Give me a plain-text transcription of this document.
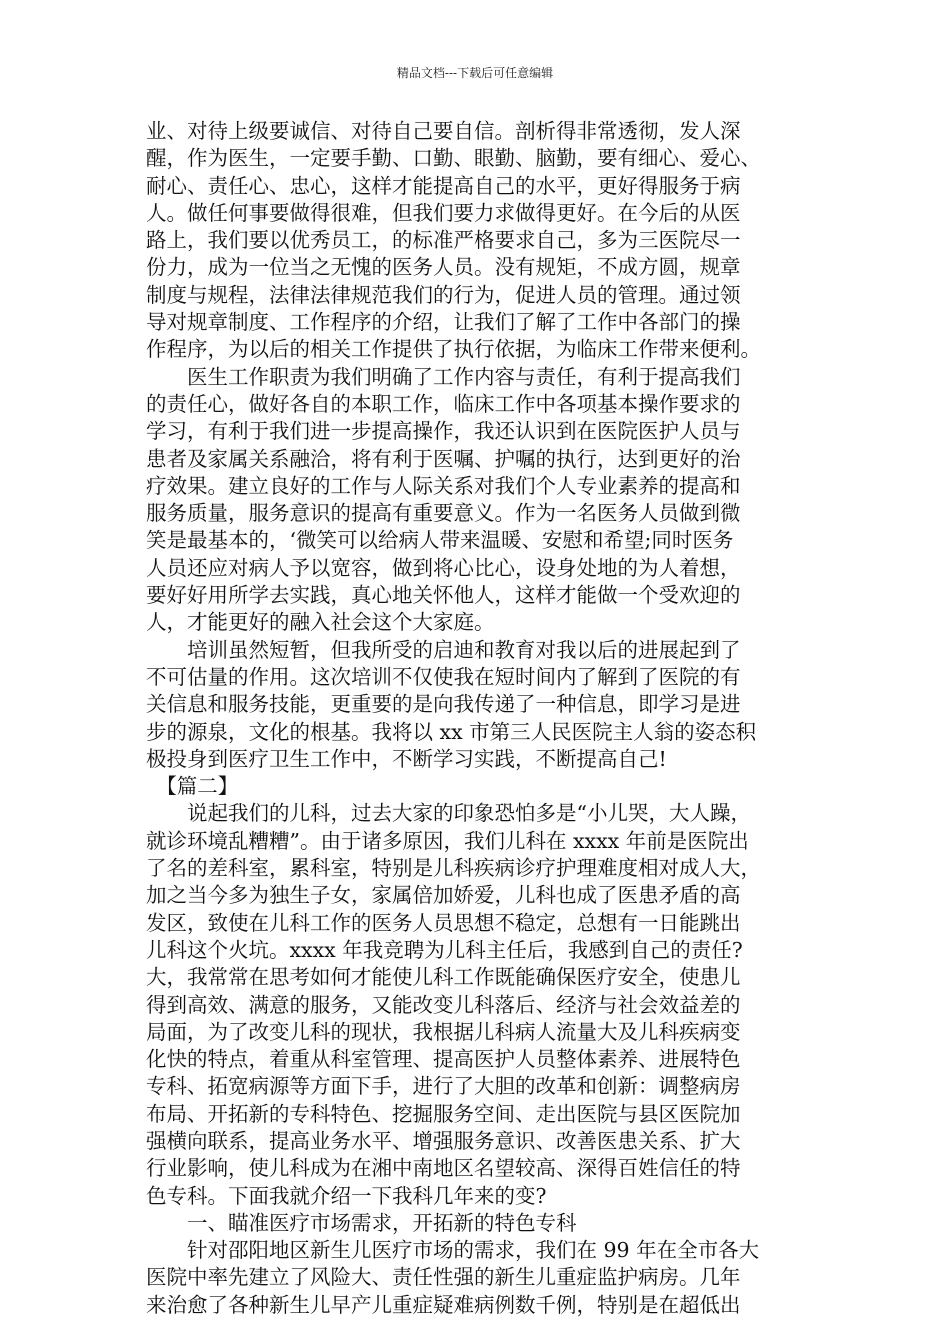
精品文档---下载后可任意编辑
业、对待上级要诚信、对待自己要自信。剖析得非常透彻，发人深
醒，作为医生，一定要手勤、口勤、眼勤、脑勤，要有细心、爱心、
耐心、责任心、忠心，这样才能提高自己的水平，更好得服务于病
人。做任何事要做得很难，但我们要力求做得更好。在今后的从医
路上，我们要以优秀员工，的标准严格要求自己，多为三医院尽一
份力，成为一位当之无愧的医务人员。没有规矩，不成方圆，规章
制度与规程，法律法律规范我们的行为，促进人员的管理。通过领
导对规章制度、工作程序的介绍，让我们了解了工作中各部门的操
作程序，为以后的相关工作提供了执行依据，为临床工作带来便利。
　　医生工作职责为我们明确了工作内容与责任，有利于提高我们
的责任心，做好各自的本职工作，临床工作中各项基本操作要求的
学习，有利于我们进一步提高操作，我还认识到在医院医护人员与
患者及家属关系融洽，将有利于医嘱、护嘱的执行，达到更好的治
疗效果。建立良好的工作与人际关系对我们个人专业素养的提高和
服务质量，服务意识的提高有重要意义。作为一名医务人员做到微
笑是最基本的，‘微笑可以给病人带来温暖、安慰和希望;同时医务
人员还应对病人予以宽容，做到将心比心，设身处地的为人着想，
要好好用所学去实践，真心地关怀他人，这样才能做一个受欢迎的
人，才能更好的融入社会这个大家庭。
　　培训虽然短暂，但我所受的启迪和教育对我以后的进展起到了
不可估量的作用。这次培训不仅使我在短时间内了解到了医院的有
关信息和服务技能，更重要的是向我传递了一种信息，即学习是进
步的源泉，文化的根基。我将以 xx 市第三人民医院主人翁的姿态积
极投身到医疗卫生工作中，不断学习实践，不断提高自己!
　【篇二】
　　说起我们的儿科，过去大家的印象恐怕多是“小儿哭，大人躁，
就诊环境乱糟糟”。由于诸多原因，我们儿科在 xxxx 年前是医院出
了名的差科室，累科室，特别是儿科疾病诊疗护理难度相对成人大，
加之当今多为独生子女，家属倍加娇爱，儿科也成了医患矛盾的高
发区，致使在儿科工作的医务人员思想不稳定，总想有一日能跳出
儿科这个火坑。xxxx 年我竞聘为儿科主任后，我感到自己的责任?
大，我常常在思考如何才能使儿科工作既能确保医疗安全，使患儿
得到高效、满意的服务，又能改变儿科落后、经济与社会效益差的
局面，为了改变儿科的现状，我根据儿科病人流量大及儿科疾病变
化快的特点，着重从科室管理、提高医护人员整体素养、进展特色
专科、拓宽病源等方面下手，进行了大胆的改革和创新：调整病房
布局、开拓新的专科特色、挖掘服务空间、走出医院与县区医院加
强横向联系，提高业务水平、增强服务意识、改善医患关系、扩大
行业影响，使儿科成为在湘中南地区名望较高、深得百姓信任的特
色专科。下面我就介绍一下我科几年来的变?
　　一、瞄准医疗市场需求，开拓新的特色专科
　　针对邵阳地区新生儿医疗市场的需求，我们在 99 年在全市各大
医院中率先建立了风险大、责任性强的新生儿重症监护病房。几年
来治愈了各种新生儿早产儿重症疑难病例数千例，特别是在超低出
